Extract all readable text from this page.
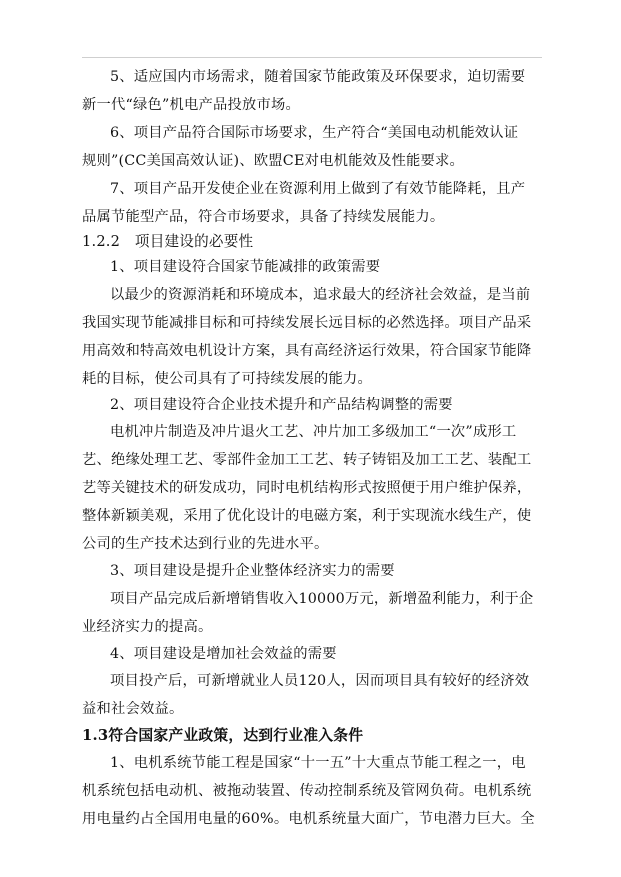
5、适应国内市场需求，随着国家节能政策及环保要求，迫切需要
新一代“绿色”机电产品投放市场。
6、项目产品符合国际市场要求，生产符合“美国电动机能效认证
规则”(CC美国高效认证)、欧盟CE对电机能效及性能要求。
7、项目产品开发使企业在资源利用上做到了有效节能降耗，且产
品属节能型产品，符合市场要求，具备了持续发展能力。
1.2.2　项目建设的必要性
1、项目建设符合国家节能减排的政策需要
以最少的资源消耗和环境成本，追求最大的经济社会效益，是当前
我国实现节能减排目标和可持续发展长远目标的必然选择。项目产品采
用高效和特高效电机设计方案，具有高经济运行效果，符合国家节能降
耗的目标，使公司具有了可持续发展的能力。
2、项目建设符合企业技术提升和产品结构调整的需要
电机冲片制造及冲片退火工艺、冲片加工多级加工“一次”成形工
艺、绝缘处理工艺、零部件金加工工艺、转子铸铝及加工工艺、装配工
艺等关键技术的研发成功，同时电机结构形式按照便于用户维护保养，
整体新颖美观，采用了优化设计的电磁方案，利于实现流水线生产，使
公司的生产技术达到行业的先进水平。
3、项目建设是提升企业整体经济实力的需要
项目产品完成后新增销售收入10000万元，新增盈利能力，利于企
业经济实力的提高。
4、项目建设是增加社会效益的需要
项目投产后，可新增就业人员120人，因而项目具有较好的经济效
益和社会效益。
1.3符合国家产业政策，达到行业准入条件
1、电机系统节能工程是国家“十一五”十大重点节能工程之一，电
机系统包括电动机、被拖动装置、传动控制系统及管网负荷。电机系统
用电量约占全国用电量的60%。电机系统量大面广，节电潜力巨大。全
